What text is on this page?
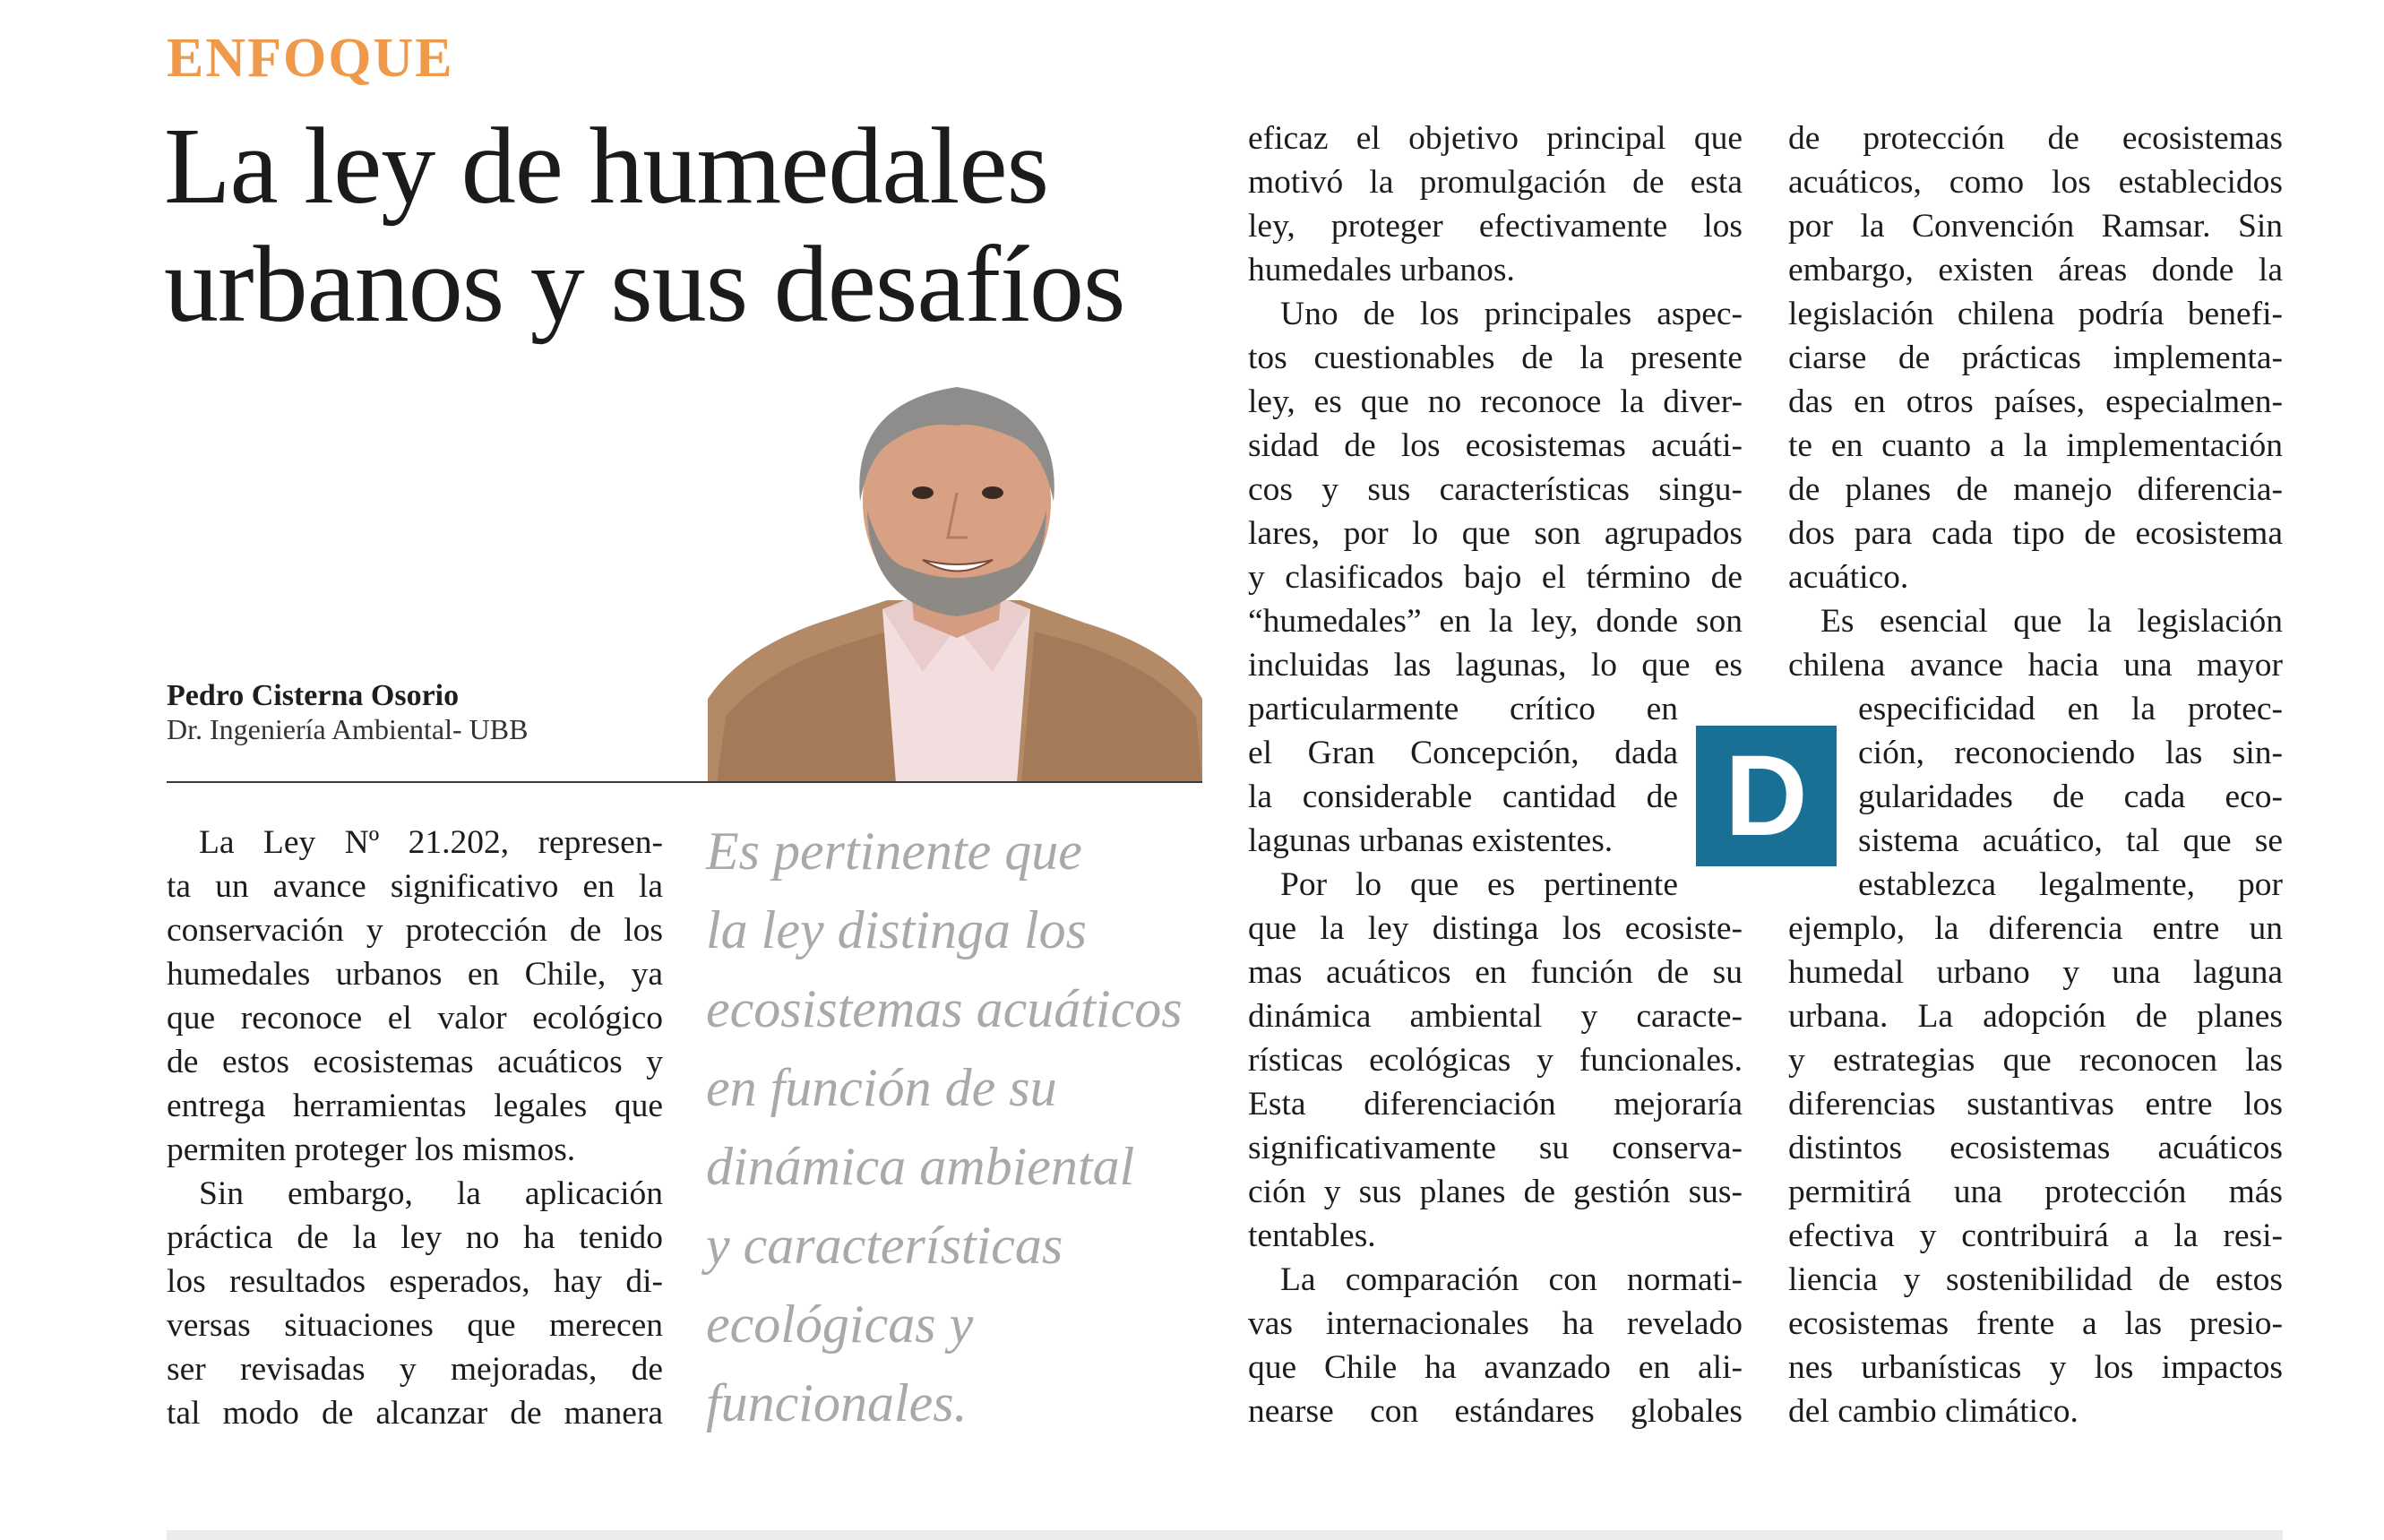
ENFOQUE
La ley de humedales
urbanos y sus desafíos
Pedro Cisterna Osorio
Dr. Ingeniería Ambiental- UBB
La Ley Nº 21.202, represen-
ta un avance significativo en la
conservación y protección de los
humedales urbanos en Chile, ya
que reconoce el valor ecológico
de estos ecosistemas acuáticos y
entrega herramientas legales que
permiten proteger los mismos.
Sin embargo, la aplicación
práctica de la ley no ha tenido
los resultados esperados, hay di-
versas situaciones que merecen
ser revisadas y mejoradas, de
tal modo de alcanzar de manera
Es pertinente que
la ley distinga los
ecosistemas acuáticos
en función de su
dinámica ambiental
y características
ecológicas y
funcionales.
eficaz el objetivo principal que
motivó la promulgación de esta
ley, proteger efectivamente los
humedales urbanos.
Uno de los principales aspec-
tos cuestionables de la presente
ley, es que no reconoce la diver-
sidad de los ecosistemas acuáti-
cos y sus características singu-
lares, por lo que son agrupados
y clasificados bajo el término de
“humedales” en la ley, donde son
incluidas las lagunas, lo que es
particularmente crítico en
el Gran Concepción, dada
la considerable cantidad de
lagunas urbanas existentes.
Por lo que es pertinente
que la ley distinga los ecosiste-
mas acuáticos en función de su
dinámica ambiental y caracte-
rísticas ecológicas y funcionales.
Esta diferenciación mejoraría
significativamente su conserva-
ción y sus planes de gestión sus-
tentables.
La comparación con normati-
vas internacionales ha revelado
que Chile ha avanzado en ali-
nearse con estándares globales
D
de protección de ecosistemas
acuáticos, como los establecidos
por la Convención Ramsar. Sin
embargo, existen áreas donde la
legislación chilena podría benefi-
ciarse de prácticas implementa-
das en otros países, especialmen-
te en cuanto a la implementación
de planes de manejo diferencia-
dos para cada tipo de ecosistema
acuático.
Es esencial que la legislación
chilena avance hacia una mayor
especificidad en la protec-
ción, reconociendo las sin-
gularidades de cada eco-
sistema acuático, tal que se
establezca legalmente, por
ejemplo, la diferencia entre un
humedal urbano y una laguna
urbana. La adopción de planes
y estrategias que reconocen las
diferencias sustantivas entre los
distintos ecosistemas acuáticos
permitirá una protección más
efectiva y contribuirá a la resi-
liencia y sostenibilidad de estos
ecosistemas frente a las presio-
nes urbanísticas y los impactos
del cambio climático.
